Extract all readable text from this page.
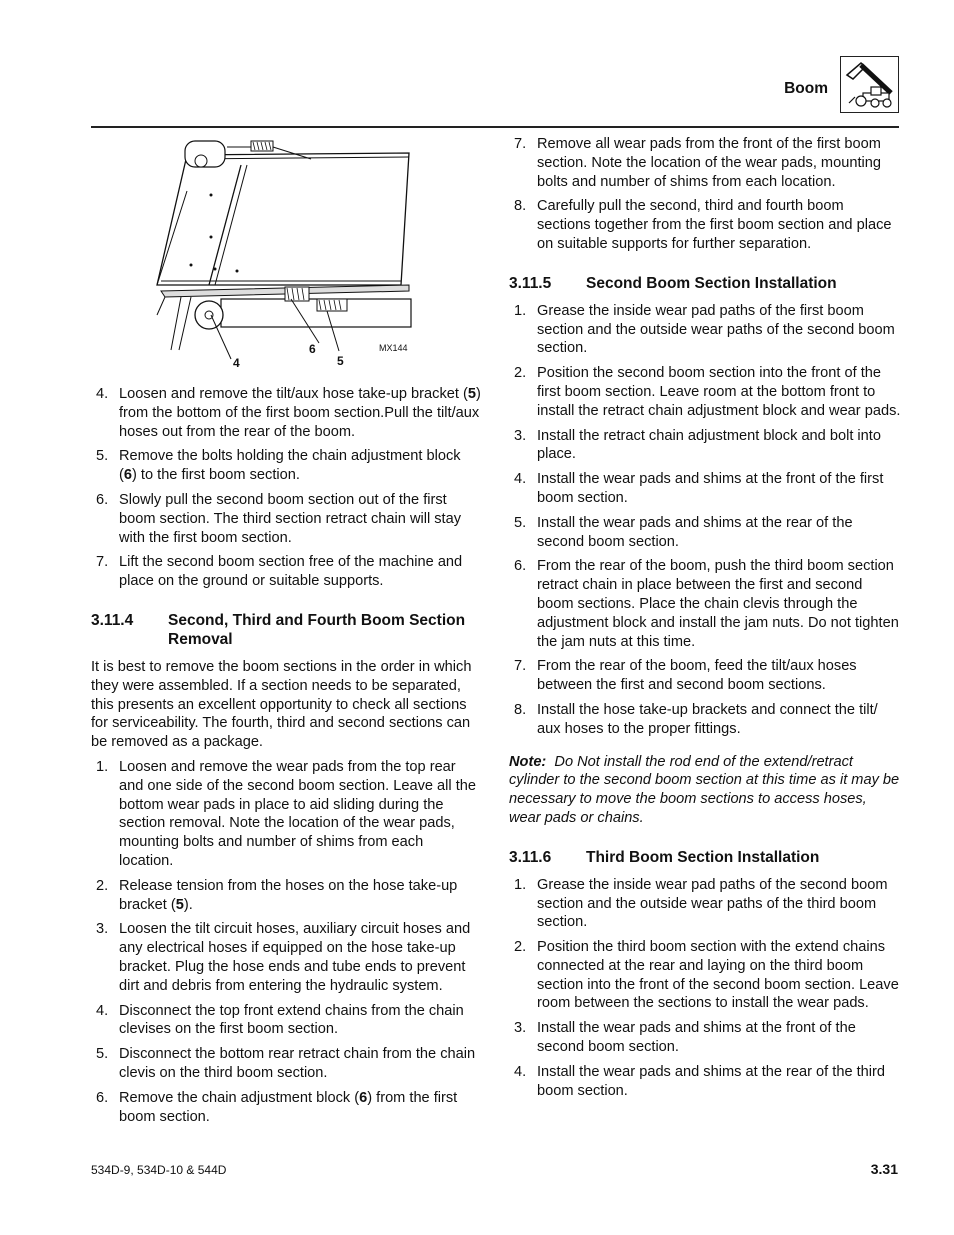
Boom
4
6
5
MX144
4. Loosen and remove the tilt/aux hose take-up bracket (5) from the bottom of the first boom section.Pull the tilt/aux hoses out from the rear of the boom.
5. Remove the bolts holding the chain adjustment block (6) to the first boom section.
6. Slowly pull the second boom section out of the first boom section. The third section retract chain will stay with the first boom section.
7. Lift the second boom section free of the machine and place on the ground or suitable supports.
3.11.4 Second, Third and Fourth Boom Section Removal

It is best to remove the boom sections in the order in which they were assembled. If a section needs to be separated, this presents an excellent opportunity to check all sections for serviceability. The fourth, third and second sections can be removed as a package.

1. Loosen and remove the wear pads from the top rear and one side of the second boom section. Leave all the bottom wear pads in place to aid sliding during the section removal. Note the location of the wear pads, mounting bolts and number of shims from each location.
2. Release tension from the hoses on the hose take-up bracket (5).
3. Loosen the tilt circuit hoses, auxiliary circuit hoses and any electrical hoses if equipped on the hose take-up bracket. Plug the hose ends and tube ends to prevent dirt and debris from entering the hydraulic system.
4. Disconnect the top front extend chains from the chain clevises on the first boom section.
5. Disconnect the bottom rear retract chain from the chain clevis on the third boom section.
6. Remove the chain adjustment block (6) from the first boom section.
7. Remove all wear pads from the front of the first boom section. Note the location of the wear pads, mounting bolts and number of shims from each location.
8. Carefully pull the second, third and fourth boom sections together from the first boom section and place on suitable supports for further separation.
3.11.5 Second Boom Section Installation
1. Grease the inside wear pad paths of the first boom section and the outside wear paths of the second boom section.
2. Position the second boom section into the front of the first boom section. Leave room at the bottom front to install the retract chain adjustment block and wear pads.
3. Install the retract chain adjustment block and bolt into place.
4. Install the wear pads and shims at the front of the first boom section.
5. Install the wear pads and shims at the rear of the second boom section.
6. From the rear of the boom, push the third boom section retract chain in place between the first and second boom sections. Place the chain clevis through the adjustment block and install the jam nuts. Do not tighten the jam nuts at this time.
7. From the rear of the boom, feed the tilt/aux hoses between the first and second boom sections.
8. Install the hose take-up brackets and connect the tilt/ aux hoses to the proper fittings.

Note: Do Not install the rod end of the extend/retract cylinder to the second boom section at this time as it may be necessary to move the boom sections to access hoses, wear pads or chains.

3.11.6 Third Boom Section Installation
1. Grease the inside wear pad paths of the second boom section and the outside wear paths of the third boom section.
2. Position the third boom section with the extend chains connected at the rear and laying on the third boom section into the front of the second boom section. Leave room between the sections to install the wear pads.
3. Install the wear pads and shims at the front of the second boom section.
4. Install the wear pads and shims at the rear of the third boom section.
534D-9, 534D-10 & 544D	3.31
